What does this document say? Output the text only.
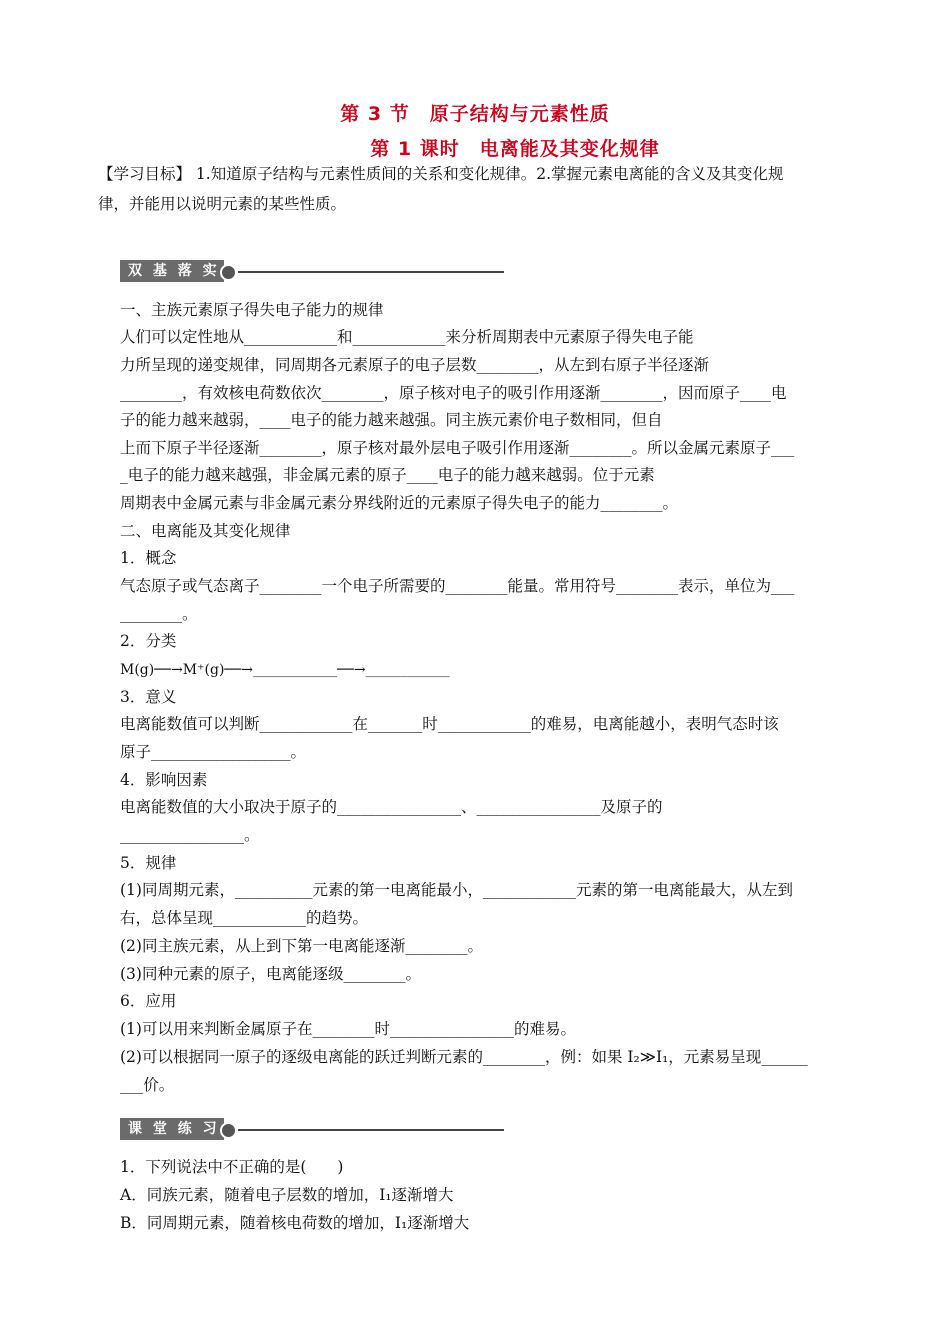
第 3 节　原子结构与元素性质
第 1 课时　电离能及其变化规律
【学习目标】 1.知道原子结构与元素性质间的关系和变化规律。2.掌握元素电离能的含义及其变化规
律，并能用以说明元素的某些性质。
双 基 落 实
一、主族元素原子得失电子能力的规律
人们可以定性地从____________和____________来分析周期表中元素原子得失电子能
力所呈现的递变规律，同周期各元素原子的电子层数________，从左到右原子半径逐渐
________，有效核电荷数依次________，原子核对电子的吸引作用逐渐________，因而原子____电
子的能力越来越弱，____电子的能力越来越强。同主族元素价电子数相同，但自
上而下原子半径逐渐________，原子核对最外层电子吸引作用逐渐________。所以金属元素原子___
_电子的能力越来越强，非金属元素的原子____电子的能力越来越弱。位于元素
周期表中金属元素与非金属元素分界线附近的元素原子得失电子的能力________。
二、电离能及其变化规律
1．概念
气态原子或气态离子________一个电子所需要的________能量。常用符号________表示，单位为___
________。
2．分类
M(g)──→M⁺(g)──→____________──→____________
3．意义
电离能数值可以判断____________在_______时____________的难易，电离能越小，表明气态时该
原子__________________。
4．影响因素
电离能数值的大小取决于原子的________________、________________及原子的
________________。
5．规律
(1)同周期元素，__________元素的第一电离能最小，____________元素的第一电离能最大，从左到
右，总体呈现____________的趋势。
(2)同主族元素，从上到下第一电离能逐渐________。
(3)同种元素的原子，电离能逐级________。
6．应用
(1)可以用来判断金属原子在________时________________的难易。
(2)可以根据同一原子的逐级电离能的跃迁判断元素的________，例：如果 I₂≫I₁，元素易呈现______
___价。
课 堂 练 习
1．下列说法中不正确的是(　　)
A．同族元素，随着电子层数的增加，I₁逐渐增大
B．同周期元素，随着核电荷数的增加，I₁逐渐增大
